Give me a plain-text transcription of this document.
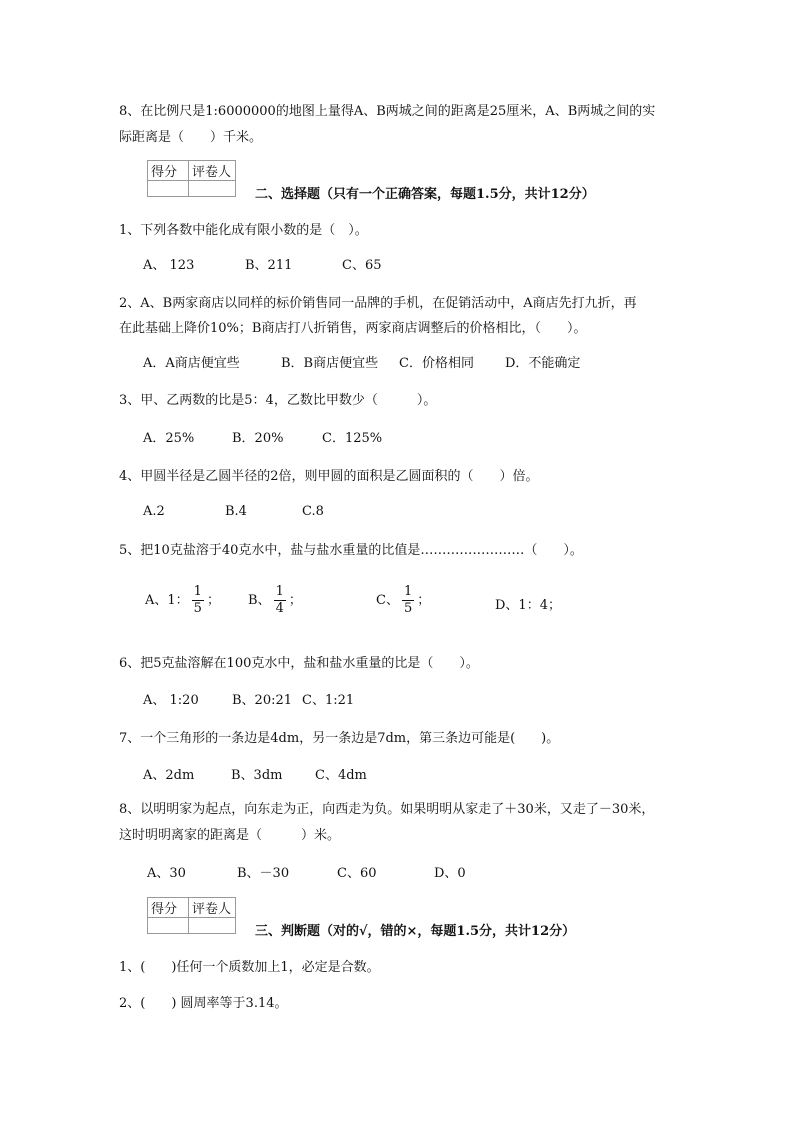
8、在比例尺是1:6000000的地图上量得A、B两城之间的距离是25厘米，A、B两城之间的实
际距离是（　　）千米。
得分	评卷人

二、选择题（只有一个正确答案，每题1.5分，共计12分）
1、下列各数中能化成有限小数的是（　）。
A、 123	B、211	C、65
2、A、B两家商店以同样的标价销售同一品牌的手机，在促销活动中，A商店先打九折，再
在此基础上降价10%；B商店打八折销售，两家商店调整后的价格相比，（　　）。
A．A商店便宜些	B．B商店便宜些 C．价格相同 D．不能确定
3、甲、乙两数的比是5：4，乙数比甲数少（　　　）。
A．25%	B．20%	C．125%
4、甲圆半径是乙圆半径的2倍，则甲圆的面积是乙圆面积的（　　）倍。
A.2	B.4	C.8
5、把10克盐溶于40克水中，盐与盐水重量的比值是……………………（　　）。
A、1： $\frac{1}{5}$ ； B、 $\frac{1}{4}$ ；	C、 $\frac{1}{5}$ ；	D、1：4；
6、把5克盐溶解在100克水中，盐和盐水重量的比是（　　）。
A、 1:20	B、20:21 C、1:21
7、一个三角形的一条边是4dm，另一条边是7dm，第三条边可能是(　　)。
A、2dm	B、3dm	C、4dm
8、以明明家为起点，向东走为正，向西走为负。如果明明从家走了＋30米，又走了－30米，
这时明明离家的距离是（　　　）米。
A、30	B、－30	C、60	D、0
得分	评卷人

三、判断题（对的√，错的×，每题1.5分，共计12分）
1、(　　)任何一个质数加上1，必定是合数。
2、(　　) 圆周率等于3.14。
